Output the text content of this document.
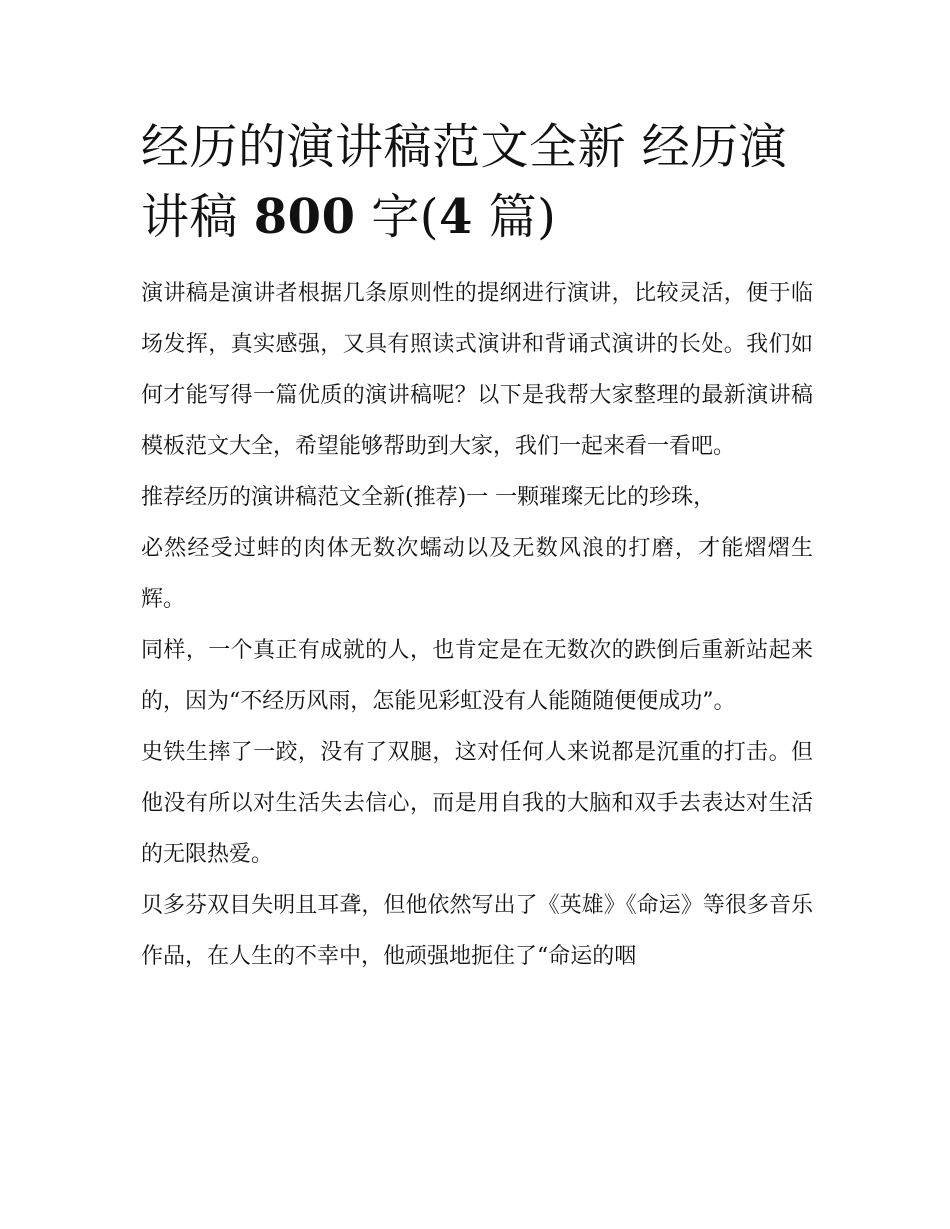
经历的演讲稿范文全新 经历演讲稿 800 字(4 篇)

演讲稿是演讲者根据几条原则性的提纲进行演讲，比较灵活，便于临场发挥，真实感强，又具有照读式演讲和背诵式演讲的长处。我们如何才能写得一篇优质的演讲稿呢？以下是我帮大家整理的最新演讲稿模板范文大全，希望能够帮助到大家，我们一起来看一看吧。

推荐经历的演讲稿范文全新(推荐)一 一颗璀璨无比的珍珠，

必然经受过蚌的肉体无数次蠕动以及无数风浪的打磨，才能熠熠生辉。

同样，一个真正有成就的人，也肯定是在无数次的跌倒后重新站起来的，因为“不经历风雨，怎能见彩虹没有人能随随便便成功”。

史铁生摔了一跤，没有了双腿，这对任何人来说都是沉重的打击。但他没有所以对生活失去信心，而是用自我的大脑和双手去表达对生活的无限热爱。

贝多芬双目失明且耳聋，但他依然写出了《英雄》《命运》等很多音乐作品，在人生的不幸中，他顽强地扼住了“命运的咽
